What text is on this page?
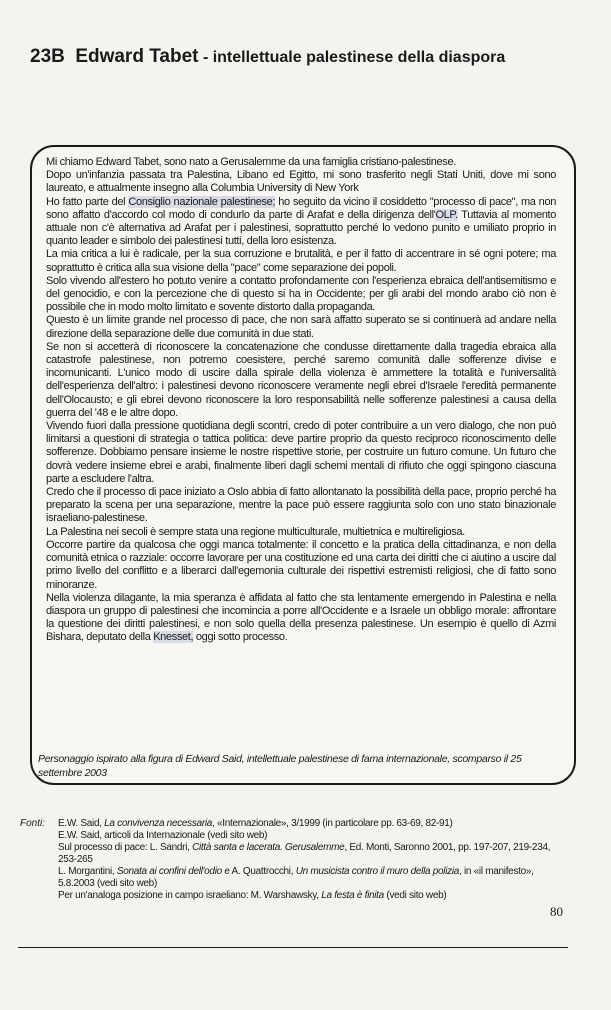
23B Edward Tabet - intellettuale palestinese della diaspora

Mi chiamo Edward Tabet, sono nato a Gerusalemme da una famiglia cristiano-palestinese.

Dopo un'infanzia passata tra Palestina, Libano ed Egitto, mi sono trasferito negli Stati Uniti, dove mi sono laureato, e attualmente insegno alla Columbia University di New York

Ho fatto parte del Consiglio nazionale palestinese; ho seguito da vicino il cosiddetto "processo di pace", ma non sono affatto d'accordo col modo di condurlo da parte di Arafat e della dirigenza dell'OLP. Tuttavia al momento attuale non c'è alternativa ad Arafat per i palestinesi, soprattutto perché lo vedono punito e umiliato proprio in quanto leader e simbolo dei palestinesi tutti, della loro esistenza.

La mia critica a lui è radicale, per la sua corruzione e brutalità, e per il fatto di accentrare in sé ogni potere; ma soprattutto è critica alla sua visione della "pace" come separazione dei popoli.

Solo vivendo all'estero ho potuto venire a contatto profondamente con l'esperienza ebraica dell'antisemitismo e del genocidio, e con la percezione che di questo si ha in Occidente; per gli arabi del mondo arabo ciò non è possibile che in modo molto limitato e sovente distorto dalla propaganda.

Questo è un limite grande nel processo di pace, che non sarà affatto superato se si continuerà ad andare nella direzione della separazione delle due comunità in due stati.

Se non si accetterà di riconoscere la concatenazione che condusse direttamente dalla tragedia ebraica alla catastrofe palestinese, non potremo coesistere, perché saremo comunità dalle sofferenze divise e incomunicanti. L'unico modo di uscire dalla spirale della violenza è ammettere la totalità e l'universalità dell'esperienza dell'altro: i palestinesi devono riconoscere veramente negli ebrei d'Israele l'eredità permanente dell'Olocausto; e gli ebrei devono riconoscere la loro responsabilità nelle sofferenze palestinesi a causa della guerra del '48 e le altre dopo.

Vivendo fuori dalla pressione quotidiana degli scontri, credo di poter contribuire a un vero dialogo, che non può limitarsi a questioni di strategia o tattica politica: deve partire proprio da questo reciproco riconoscimento delle sofferenze. Dobbiamo pensare insieme le nostre rispettive storie, per costruire un futuro comune. Un futuro che dovrà vedere insieme ebrei e arabi, finalmente liberi dagli schemi mentali di rifiuto che oggi spingono ciascuna parte a escludere l'altra.

Credo che il processo di pace iniziato a Oslo abbia di fatto allontanato la possibilità della pace, proprio perché ha preparato la scena per una separazione, mentre la pace può essere raggiunta solo con uno stato binazionale israeliano-palestinese.

La Palestina nei secoli è sempre stata una regione multiculturale, multietnica e multireligiosa.

Occorre partire da qualcosa che oggi manca totalmente: il concetto e la pratica della cittadinanza, e non della comunità etnica o razziale: occorre lavorare per una costituzione ed una carta dei diritti che ci aiutino a uscire dal primo livello del conflitto e a liberarci dall'egemonia culturale dei rispettivi estremisti religiosi, che di fatto sono minoranze.

Nella violenza dilagante, la mia speranza è affidata al fatto che sta lentamente emergendo in Palestina e nella diaspora un gruppo di palestinesi che incomincia a porre all'Occidente e a Israele un obbligo morale: affrontare la questione dei diritti palestinesi, e non solo quella della presenza palestinese. Un esempio è quello di Azmi Bishara, deputato della Knesset, oggi sotto processo.

Personaggio ispirato alla figura di Edward Said, intellettuale palestinese di fama internazionale, scomparso il 25 settembre 2003
Fonti: E.W. Said, La convivenza necessaria, «Internazionale», 3/1999 (in particolare pp. 63-69, 82-91)
E.W. Said, articoli da Internazionale (vedi sito web)
Sul processo di pace: L. Sandri, Città santa e lacerata. Gerusalemme, Ed. Monti, Saronno 2001, pp. 197-207, 219-234, 253-265
L. Morgantini, Sonata ai confini dell'odio e A. Quattrocchi, Un musicista contro il muro della polizia, in «il manifesto», 5.8.2003 (vedi sito web)
Per un'analoga posizione in campo israeliano: M. Warshawsky, La festa è finita (vedi sito web)
80
